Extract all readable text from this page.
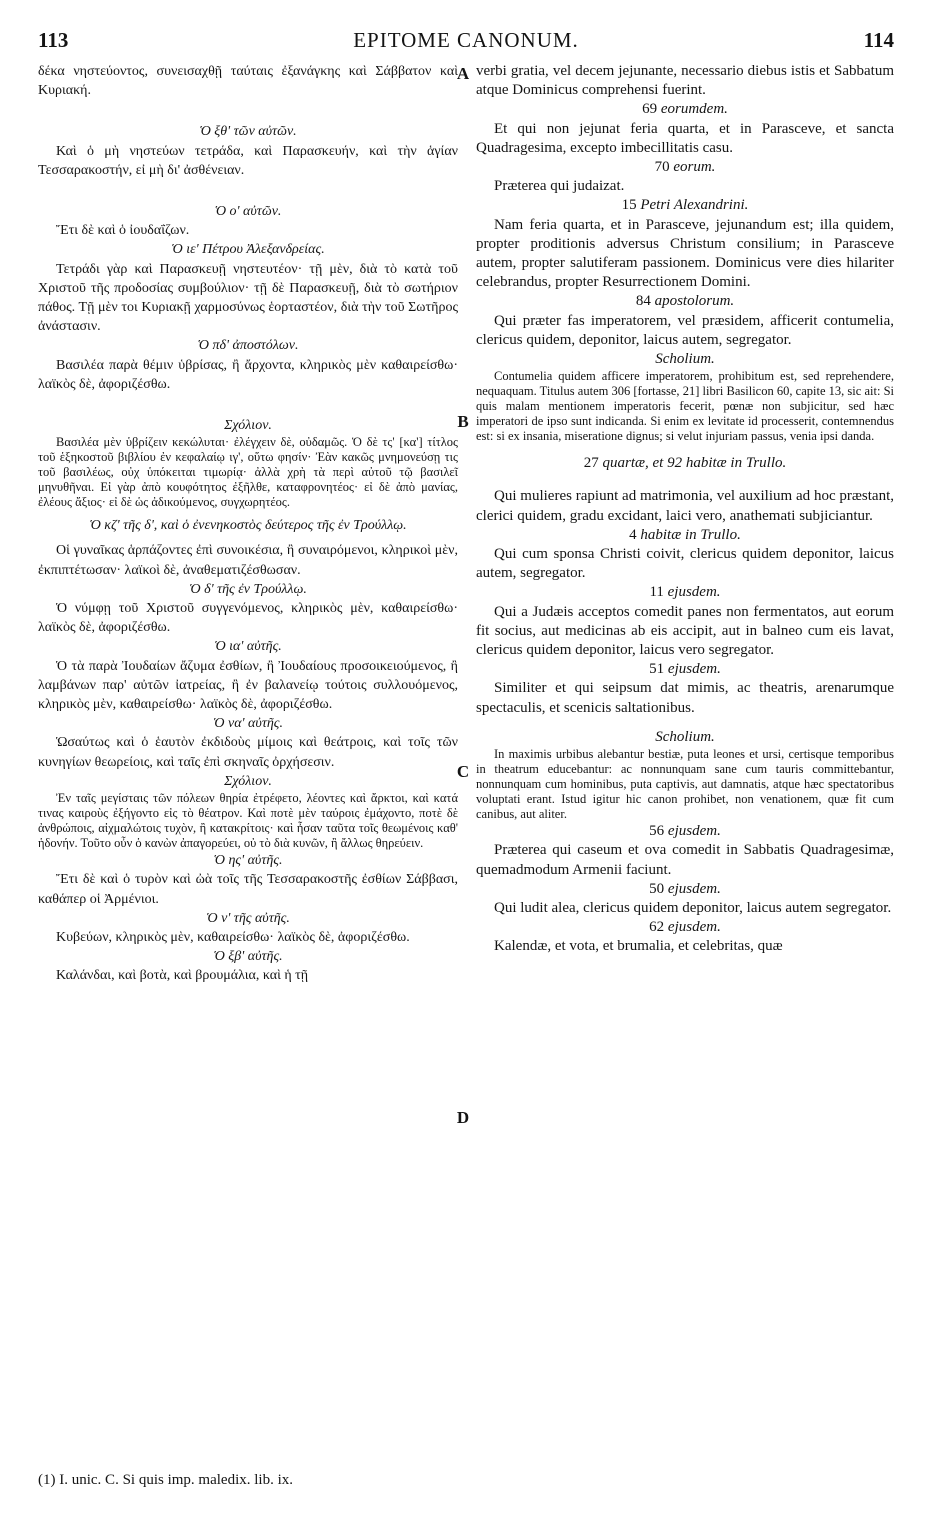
113	EPITOME CANONUM.	114
A
B
C
D

δέκα νηστεύοντος, συνεισαχθῇ ταύταις ἐξανάγκης καὶ Σάββατον καὶ Κυριακή.

Ὁ ξθ' τῶν αὐτῶν.

Καὶ ὁ μὴ νηστεύων τετράδα, καὶ Παρασκευήν, καὶ τὴν ἁγίαν Τεσσαρακοστήν, εἰ μὴ δι' ἀσθένειαν.

Ὁ ο' αὐτῶν.

Ἔτι δὲ καὶ ὁ ἰουδαΐζων.

Ὁ ιε' Πέτρου Ἀλεξανδρείας.

Τετράδι γὰρ καὶ Παρασκευῇ νηστευτέον· τῇ μὲν, διὰ τὸ κατὰ τοῦ Χριστοῦ τῆς προδοσίας συμβούλιον· τῇ δὲ Παρασκευῇ, διὰ τὸ σωτήριον πάθος. Τῇ μὲν τοι Κυριακῇ χαρμοσύνως ἑορταστέον, διὰ τὴν τοῦ Σωτῆρος ἀνάστασιν.

Ὁ πδ' ἀποστόλων.

Βασιλέα παρὰ θέμιν ὑβρίσας, ἢ ἄρχοντα, κληρικὸς μὲν καθαιρείσθω· λαϊκὸς δὲ, ἀφοριζέσθω.

Σχόλιον.

Βασιλέα μὲν ὑβρίζειν κεκώλυται· ἐλέγχειν δὲ, οὐδαμῶς. Ὁ δὲ τς' [κα'] τίτλος τοῦ ἑξηκοστοῦ βιβλίου ἐν κεφαλαίῳ ιγ', οὕτω φησίν· Ἐὰν κακῶς μνημονεύσῃ τις τοῦ βασιλέως, οὐχ ὑπόκειται τιμωρίᾳ· ἀλλὰ χρὴ τὰ περὶ αὐτοῦ τῷ βασιλεῖ μηνυθῆναι. Εἰ γὰρ ἀπὸ κουφότητος ἐξῆλθε, καταφρονητέος· εἰ δὲ ἀπὸ μανίας, ἐλέους ἄξιος· εἰ δὲ ὡς ἀδικούμενος, συγχωρητέος.

Ὁ κζ' τῆς δ', καὶ ὁ ἐνενηκοστὸς δεύτερος τῆς ἐν Τρούλλῳ.

Οἱ γυναῖκας ἁρπάζοντες ἐπὶ συνοικέσια, ἢ συναιρόμενοι, κληρικοὶ μὲν, ἐκπιπτέτωσαν· λαϊκοὶ δὲ, ἀναθεματιζέσθωσαν.

Ὁ δ' τῆς ἐν Τρούλλῳ.

Ὁ νύμφῃ τοῦ Χριστοῦ συγγενόμενος, κληρικὸς μὲν, καθαιρείσθω· λαϊκὸς δὲ, ἀφοριζέσθω.

Ὁ ια' αὐτῆς.

Ὁ τὰ παρὰ Ἰουδαίων ἄζυμα ἐσθίων, ἢ Ἰουδαίους προσοικειούμενος, ἢ λαμβάνων παρ' αὐτῶν ἰατρείας, ἢ ἐν βαλανείῳ τούτοις συλλουόμενος, κληρικὸς μὲν, καθαιρείσθω· λαϊκὸς δὲ, ἀφοριζέσθω.

Ὁ να' αὐτῆς.

Ὡσαύτως καὶ ὁ ἑαυτὸν ἐκδιδοὺς μίμοις καὶ θεάτροις, καὶ τοῖς τῶν κυνηγίων θεωρείοις, καὶ ταῖς ἐπὶ σκηναῖς ὀρχήσεσιν.

Σχόλιον.

Ἐν ταῖς μεγίσταις τῶν πόλεων θηρία ἐτρέφετο, λέοντες καὶ ἄρκτοι, καὶ κατά τινας καιροὺς ἐξήγοντο εἰς τὸ θέατρον. Καὶ ποτὲ μὲν ταύροις ἐμάχοντο, ποτὲ δὲ ἀνθρώποις, αἰχμαλώτοις τυχὸν, ἢ κατακρίτοις· καὶ ἦσαν ταῦτα τοῖς θεωμένοις καθ' ἡδονήν. Τοῦτο οὖν ὁ κανὼν ἀπαγορεύει, οὐ τὸ διὰ κυνῶν, ἢ ἄλλως θηρεύειν.

Ὁ ης' αὐτῆς.

Ἔτι δὲ καὶ ὁ τυρὸν καὶ ὠὰ τοῖς τῆς Τεσσαρακοστῆς ἐσθίων Σάββασι, καθάπερ οἱ Ἀρμένιοι.

Ὁ ν' τῆς αὐτῆς.

Κυβεύων, κληρικὸς μὲν, καθαιρείσθω· λαϊκὸς δὲ, ἀφοριζέσθω.

Ὁ ξβ' αὐτῆς.

Καλάνδαι, καὶ βοτὰ, καὶ βρουμάλια, καὶ ἡ τῇ

verbi gratia, vel decem jejunante, necessario diebus istis et Sabbatum atque Dominicus comprehensi fuerint.

69 eorumdem.

Et qui non jejunat feria quarta, et in Parasceve, et sancta Quadragesima, excepto imbecillitatis casu.

70 eorum.

Præterea qui judaizat.

15 Petri Alexandrini.

Nam feria quarta, et in Parasceve, jejunandum est; illa quidem, propter proditionis adversus Christum consilium; in Parasceve autem, propter salutiferam passionem. Dominicus vere dies hilariter celebrandus, propter Resurrectionem Domini.

84 apostolorum.

Qui præter fas imperatorem, vel præsidem, afficerit contumelia, clericus quidem, deponitor, laicus autem, segregator.

Scholium.

Contumelia quidem afficere imperatorem, prohibitum est, sed reprehendere, nequaquam. Titulus autem 306 [fortasse, 21] libri Basilicon 60, capite 13, sic ait: Si quis malam mentionem imperatoris fecerit, pœnæ non subjicitur, sed hæc imperatori de ipso sunt indicanda. Si enim ex levitate id processerit, contemnendus est: si ex insania, miseratione dignus; si velut injuriam passus, venia ipsi danda.

27 quartæ, et 92 habitæ in Trullo.

Qui mulieres rapiunt ad matrimonia, vel auxilium ad hoc præstant, clerici quidem, gradu excidant, laici vero, anathemati subjiciantur.

4 habitæ in Trullo.

Qui cum sponsa Christi coivit, clericus quidem deponitor, laicus autem, segregator.

11 ejusdem.

Qui a Judæis acceptos comedit panes non fermentatos, aut eorum fit socius, aut medicinas ab eis accipit, aut in balneo cum eis lavat, clericus quidem deponitor, laicus vero segregator.

51 ejusdem.

Similiter et qui seipsum dat mimis, ac theatris, arenarumque spectaculis, et scenicis saltationibus.

Scholium.

In maximis urbibus alebantur bestiæ, puta leones et ursi, certisque temporibus in theatrum educebantur: ac nonnunquam sane cum tauris committebantur, nonnunquam cum hominibus, puta captivis, aut damnatis, atque hæc spectatoribus voluptati erant. Istud igitur hic canon prohibet, non venationem, quæ fit cum canibus, aut aliter.

56 ejusdem.

Præterea qui caseum et ova comedit in Sabbatis Quadragesimæ, quemadmodum Armenii faciunt.

50 ejusdem.

Qui ludit alea, clericus quidem deponitor, laicus autem segregator.

62 ejusdem.

Kalendæ, et vota, et brumalia, et celebritas, quæ

(1) I. unic. C. Si quis imp. maledix. lib. ix.
